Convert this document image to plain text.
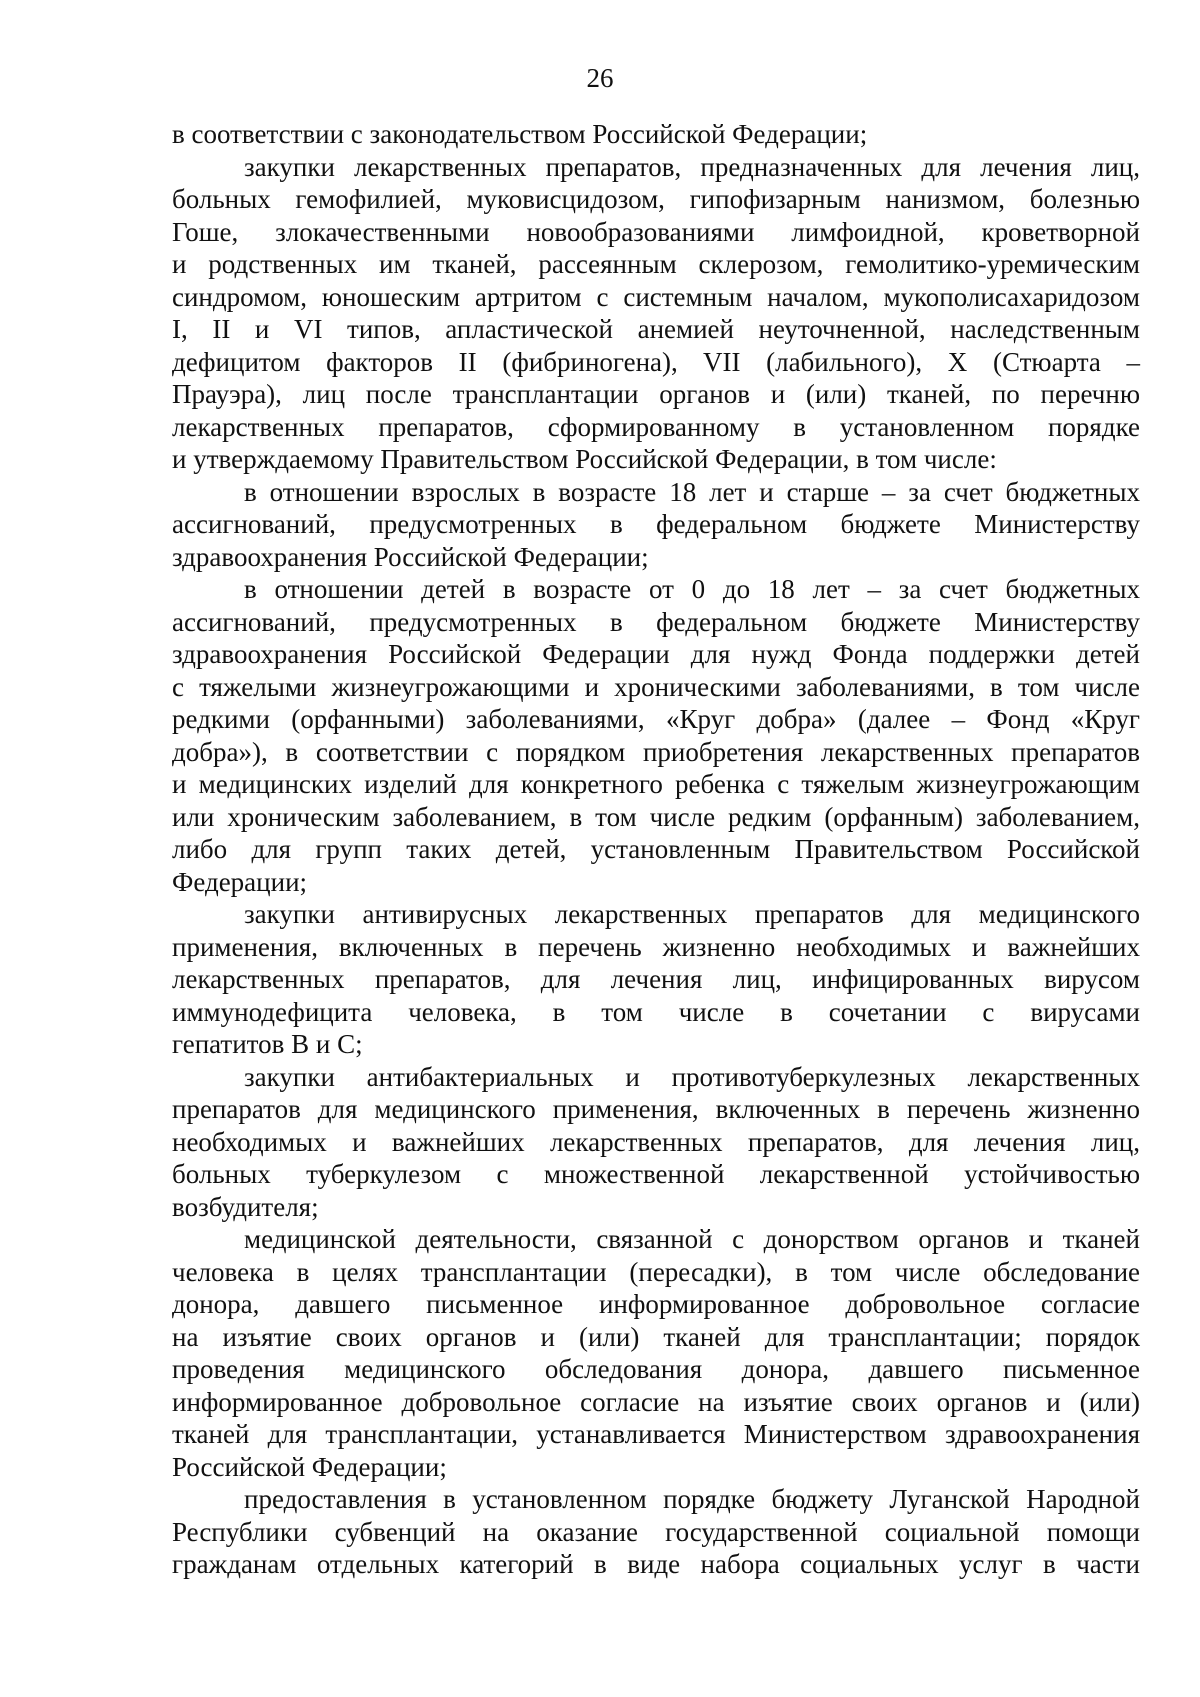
26
в соответствии с законодательством Российской Федерации;
закупки лекарственных препаратов, предназначенных для лечения лиц,
больных гемофилией, муковисцидозом, гипофизарным нанизмом, болезнью
Гоше, злокачественными новообразованиями лимфоидной, кроветворной
и родственных им тканей, рассеянным склерозом, гемолитико-уремическим
синдромом, юношеским артритом с системным началом, мукополисахаридозом
I, II и VI типов, апластической анемией неуточненной, наследственным
дефицитом факторов II (фибриногена), VII (лабильного), X (Стюарта –
Прауэра), лиц после трансплантации органов и (или) тканей, по перечню
лекарственных препаратов, сформированному в установленном порядке
и утверждаемому Правительством Российской Федерации, в том числе:
в отношении взрослых в возрасте 18 лет и старше – за счет бюджетных
ассигнований, предусмотренных в федеральном бюджете Министерству
здравоохранения Российской Федерации;
в отношении детей в возрасте от 0 до 18 лет – за счет бюджетных
ассигнований, предусмотренных в федеральном бюджете Министерству
здравоохранения Российской Федерации для нужд Фонда поддержки детей
с тяжелыми жизнеугрожающими и хроническими заболеваниями, в том числе
редкими (орфанными) заболеваниями, «Круг добра» (далее – Фонд «Круг
добра»), в соответствии с порядком приобретения лекарственных препаратов
и медицинских изделий для конкретного ребенка с тяжелым жизнеугрожающим
или хроническим заболеванием, в том числе редким (орфанным) заболеванием,
либо для групп таких детей, установленным Правительством Российской
Федерации;
закупки антивирусных лекарственных препаратов для медицинского
применения, включенных в перечень жизненно необходимых и важнейших
лекарственных препаратов, для лечения лиц, инфицированных вирусом
иммунодефицита человека, в том числе в сочетании с вирусами
гепатитов B и C;
закупки антибактериальных и противотуберкулезных лекарственных
препаратов для медицинского применения, включенных в перечень жизненно
необходимых и важнейших лекарственных препаратов, для лечения лиц,
больных туберкулезом с множественной лекарственной устойчивостью
возбудителя;
медицинской деятельности, связанной с донорством органов и тканей
человека в целях трансплантации (пересадки), в том числе обследование
донора, давшего письменное информированное добровольное согласие
на изъятие своих органов и (или) тканей для трансплантации; порядок
проведения медицинского обследования донора, давшего письменное
информированное добровольное согласие на изъятие своих органов и (или)
тканей для трансплантации, устанавливается Министерством здравоохранения
Российской Федерации;
предоставления в установленном порядке бюджету Луганской Народной
Республики субвенций на оказание государственной социальной помощи
гражданам отдельных категорий в виде набора социальных услуг в части
